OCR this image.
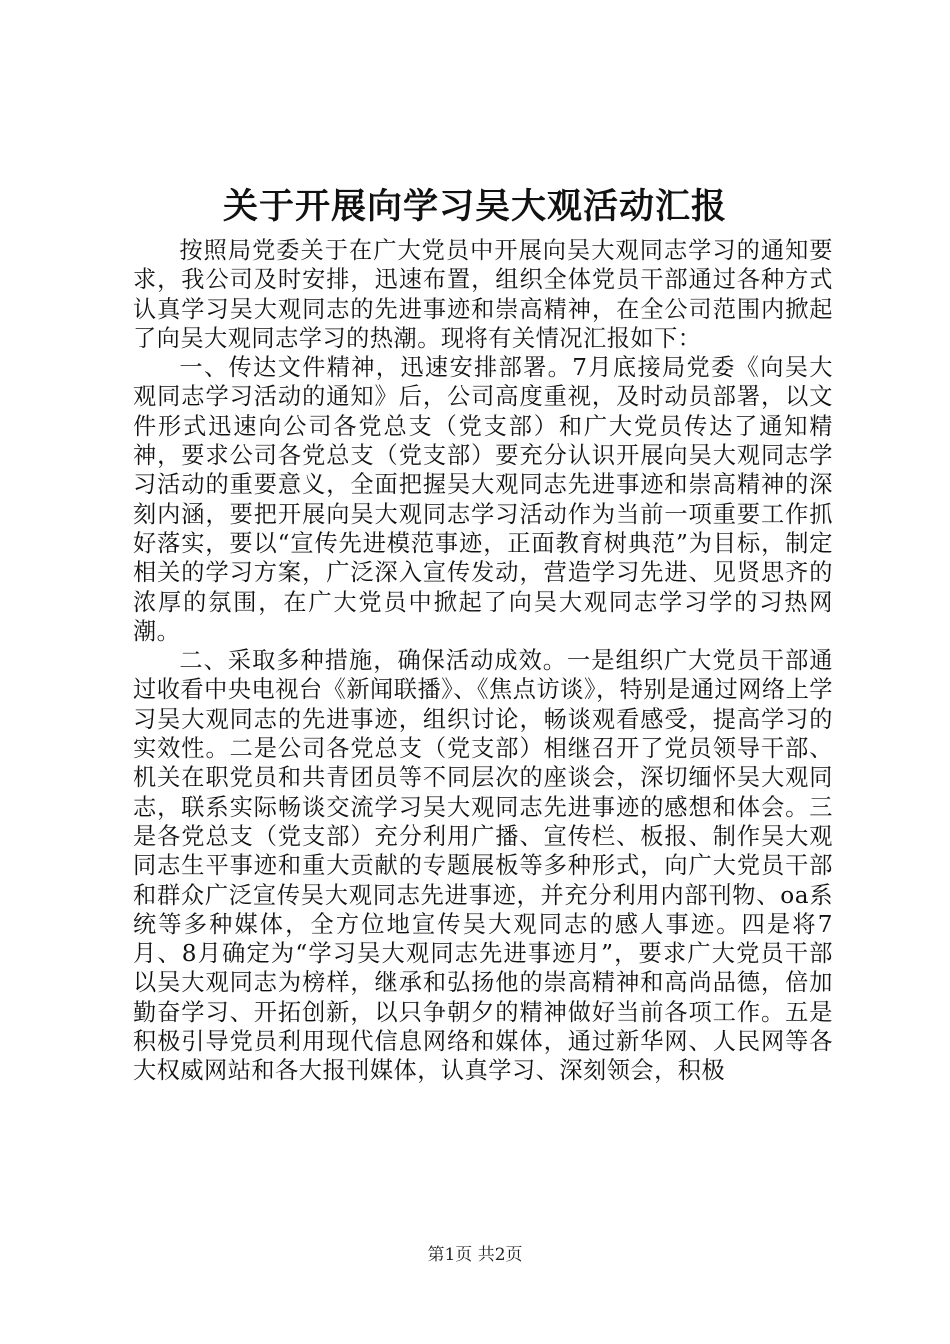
关于开展向学习吴大观活动汇报

按照局党委关于在广大党员中开展向吴大观同志学习的通知要求，我公司及时安排，迅速布置，组织全体党员干部通过各种方式认真学习吴大观同志的先进事迹和崇高精神，在全公司范围内掀起了向吴大观同志学习的热潮。现将有关情况汇报如下：

一、传达文件精神，迅速安排部署。7月底接局党委《向吴大观同志学习活动的通知》后，公司高度重视，及时动员部署，以文件形式迅速向公司各党总支（党支部）和广大党员传达了通知精神，要求公司各党总支（党支部）要充分认识开展向吴大观同志学习活动的重要意义，全面把握吴大观同志先进事迹和崇高精神的深刻内涵，要把开展向吴大观同志学习活动作为当前一项重要工作抓好落实，要以“宣传先进模范事迹，正面教育树典范”为目标，制定相关的学习方案，广泛深入宣传发动，营造学习先进、见贤思齐的浓厚的氛围，在广大党员中掀起了向吴大观同志学习学的习热网潮。

二、采取多种措施，确保活动成效。一是组织广大党员干部通过收看中央电视台《新闻联播》、《焦点访谈》，特别是通过网络上学习吴大观同志的先进事迹，组织讨论，畅谈观看感受，提高学习的实效性。二是公司各党总支（党支部）相继召开了党员领导干部、机关在职党员和共青团员等不同层次的座谈会，深切缅怀吴大观同志，联系实际畅谈交流学习吴大观同志先进事迹的感想和体会。三是各党总支（党支部）充分利用广播、宣传栏、板报、制作吴大观同志生平事迹和重大贡献的专题展板等多种形式，向广大党员干部和群众广泛宣传吴大观同志先进事迹，并充分利用内部刊物、oa系统等多种媒体，全方位地宣传吴大观同志的感人事迹。四是将7月、8月确定为“学习吴大观同志先进事迹月”，要求广大党员干部以吴大观同志为榜样，继承和弘扬他的崇高精神和高尚品德，倍加勤奋学习、开拓创新，以只争朝夕的精神做好当前各项工作。五是积极引导党员利用现代信息网络和媒体，通过新华网、人民网等各大权威网站和各大报刊媒体，认真学习、深刻领会，积极

第1页 共2页
